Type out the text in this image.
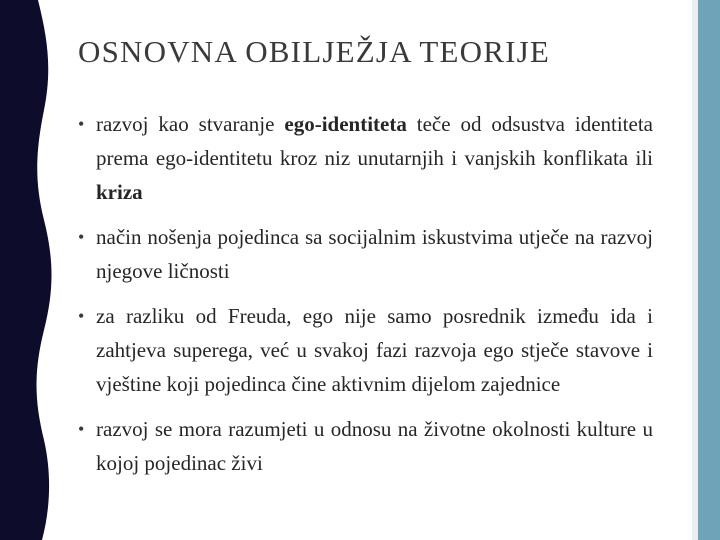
OSNOVNA OBILJEŽJA TEORIJE
• razvoj kao stvaranje ego-identiteta teče od odsustva identiteta prema ego-identitetu kroz niz unutarnjih i vanjskih konflikata ili kriza
• način nošenja pojedinca sa socijalnim iskustvima utječe na razvoj njegove ličnosti
• za razliku od Freuda, ego nije samo posrednik između ida i zahtjeva superega, već u svakoj fazi razvoja ego stječe stavove i vještine koji pojedinca čine aktivnim dijelom zajednice
• razvoj se mora razumjeti u odnosu na životne okolnosti kulture u kojoj pojedinac živi
